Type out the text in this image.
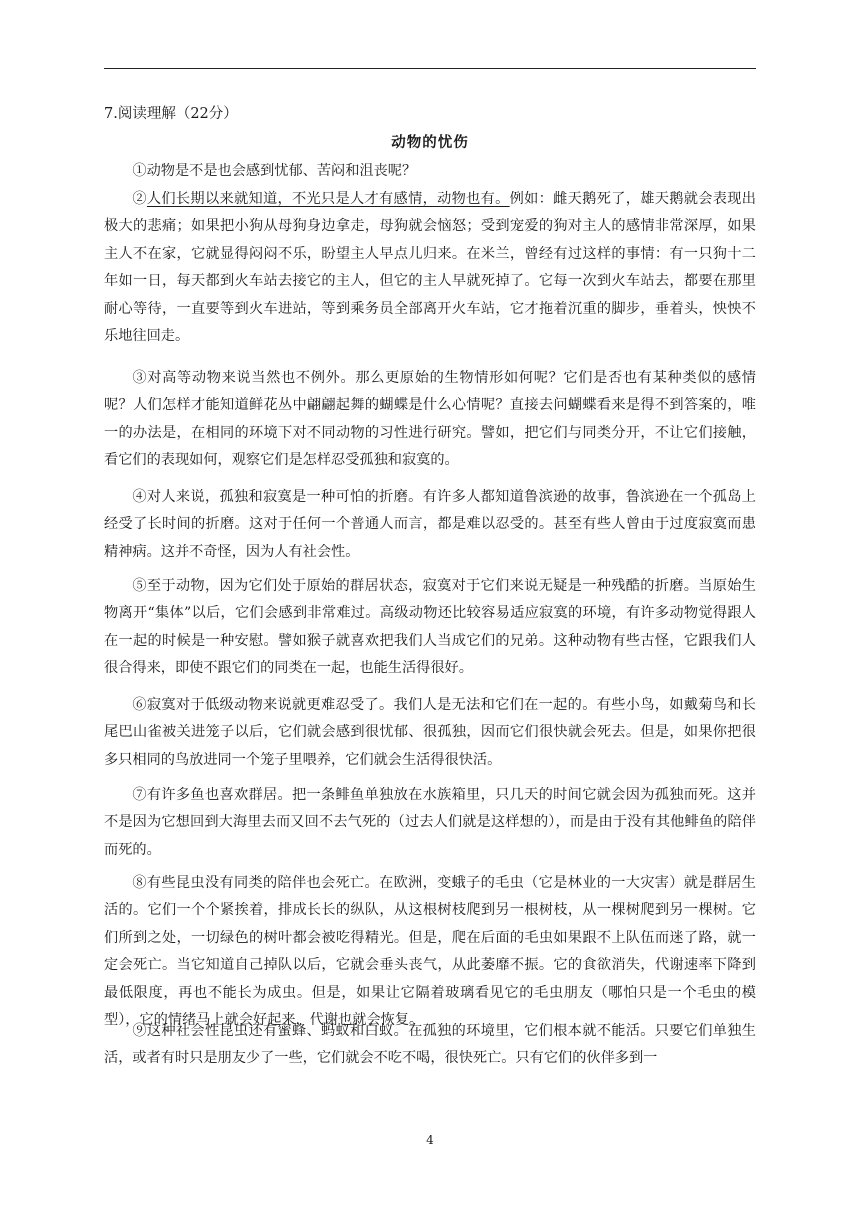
7.阅读理解（22分）
动物的忧伤

①动物是不是也会感到忧郁、苦闷和沮丧呢？

②人们长期以来就知道，不光只是人才有感情，动物也有。例如：雌天鹅死了，雄天鹅就会表现出极大的悲痛；如果把小狗从母狗身边拿走，母狗就会恼怒；受到宠爱的狗对主人的感情非常深厚，如果主人不在家，它就显得闷闷不乐，盼望主人早点儿归来。在米兰，曾经有过这样的事情：有一只狗十二年如一日，每天都到火车站去接它的主人，但它的主人早就死掉了。它每一次到火车站去，都要在那里耐心等待，一直要等到火车进站，等到乘务员全部离开火车站，它才拖着沉重的脚步，垂着头，怏怏不乐地往回走。

③对高等动物来说当然也不例外。那么更原始的生物情形如何呢？它们是否也有某种类似的感情呢？人们怎样才能知道鲜花丛中翩翩起舞的蝴蝶是什么心情呢？直接去问蝴蝶看来是得不到答案的，唯一的办法是，在相同的环境下对不同动物的习性进行研究。譬如，把它们与同类分开，不让它们接触，看它们的表现如何，观察它们是怎样忍受孤独和寂寞的。

④对人来说，孤独和寂寞是一种可怕的折磨。有许多人都知道鲁滨逊的故事，鲁滨逊在一个孤岛上经受了长时间的折磨。这对于任何一个普通人而言，都是难以忍受的。甚至有些人曾由于过度寂寞而患精神病。这并不奇怪，因为人有社会性。

⑤至于动物，因为它们处于原始的群居状态，寂寞对于它们来说无疑是一种残酷的折磨。当原始生物离开“集体”以后，它们会感到非常难过。高级动物还比较容易适应寂寞的环境，有许多动物觉得跟人在一起的时候是一种安慰。譬如猴子就喜欢把我们人当成它们的兄弟。这种动物有些古怪，它跟我们人很合得来，即使不跟它们的同类在一起，也能生活得很好。

⑥寂寞对于低级动物来说就更难忍受了。我们人是无法和它们在一起的。有些小鸟，如戴菊鸟和长尾巴山雀被关进笼子以后，它们就会感到很忧郁、很孤独，因而它们很快就会死去。但是，如果你把很多只相同的鸟放进同一个笼子里喂养，它们就会生活得很快活。

⑦有许多鱼也喜欢群居。把一条鲱鱼单独放在水族箱里，只几天的时间它就会因为孤独而死。这并不是因为它想回到大海里去而又回不去气死的（过去人们就是这样想的），而是由于没有其他鲱鱼的陪伴而死的。

⑧有些昆虫没有同类的陪伴也会死亡。在欧洲，变蛾子的毛虫（它是林业的一大灾害）就是群居生活的。它们一个个紧挨着，排成长长的纵队，从这根树枝爬到另一根树枝，从一棵树爬到另一棵树。它们所到之处，一切绿色的树叶都会被吃得精光。但是，爬在后面的毛虫如果跟不上队伍而迷了路，就一定会死亡。当它知道自己掉队以后，它就会垂头丧气，从此萎靡不振。它的食欲消失，代谢速率下降到最低限度，再也不能长为成虫。但是，如果让它隔着玻璃看见它的毛虫朋友（哪怕只是一个毛虫的模型），它的情绪马上就会好起来，代谢也就会恢复。

⑨这种社会性昆虫还有蜜蜂、蚂蚁和白蚁。在孤独的环境里，它们根本就不能活。只要它们单独生活，或者有时只是朋友少了一些，它们就会不吃不喝，很快死亡。只有它们的伙伴多到一

4
